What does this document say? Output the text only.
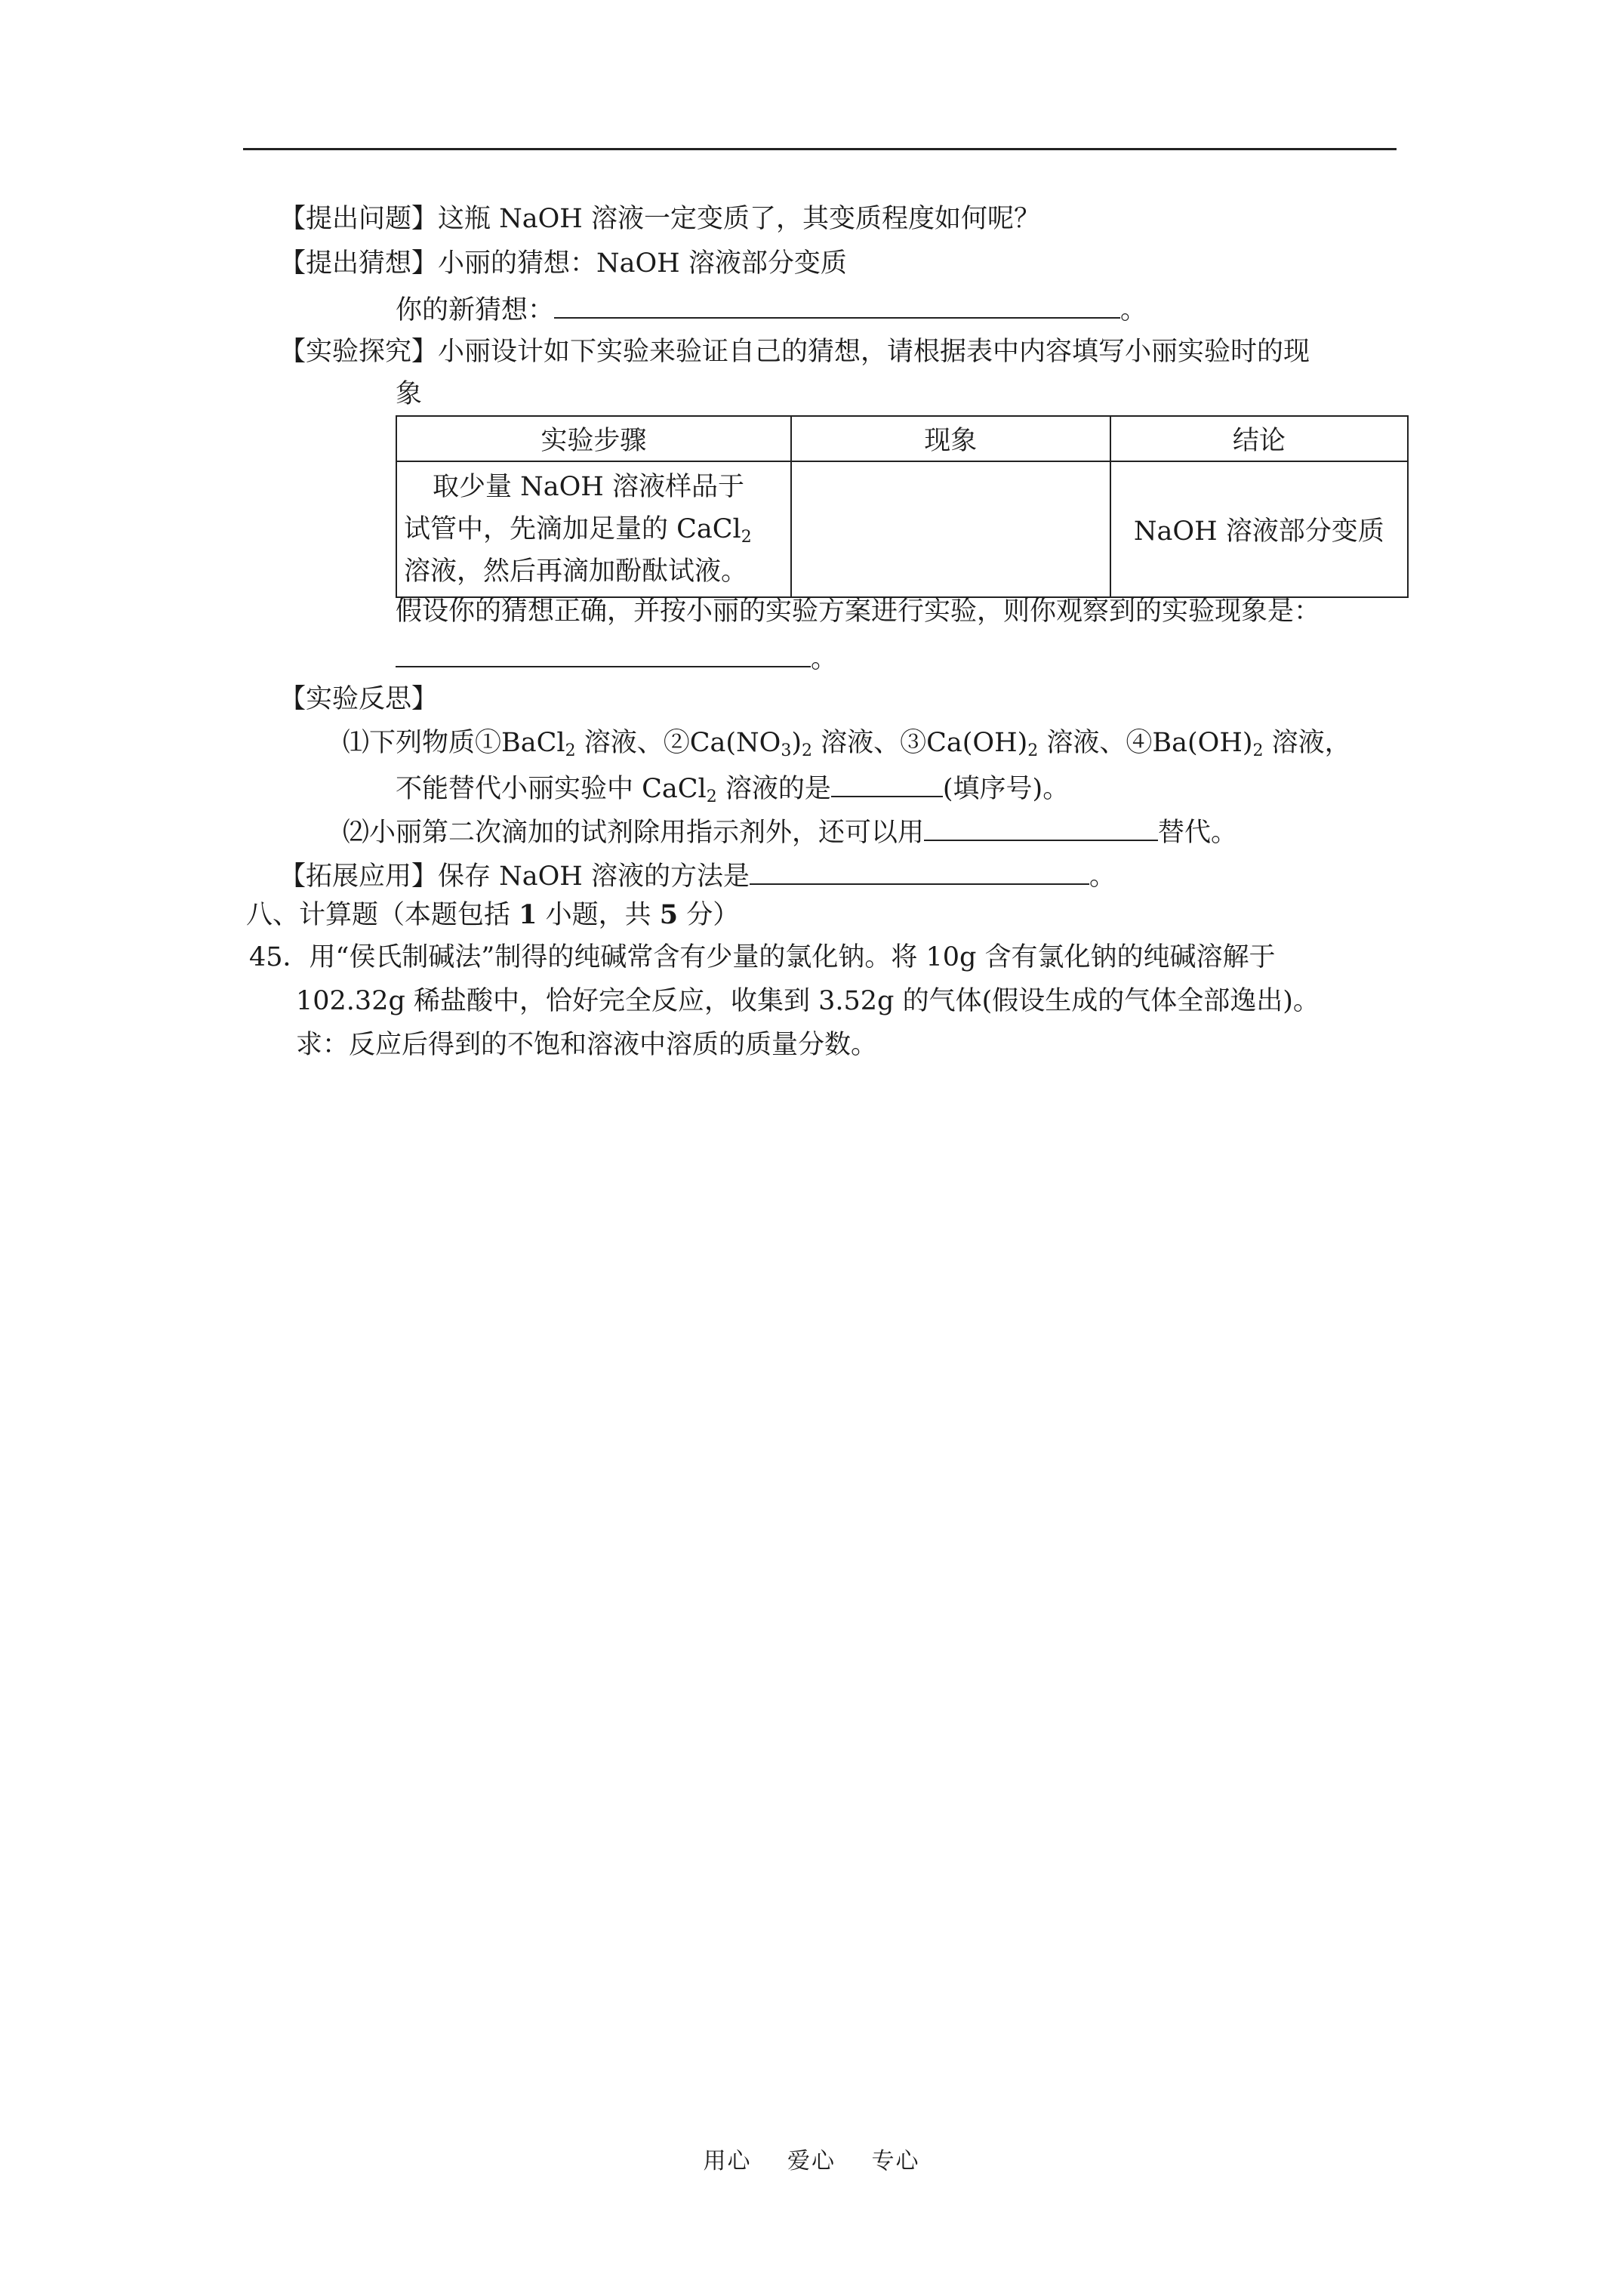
【提出问题】这瓶 NaOH 溶液一定变质了，其变质程度如何呢？
【提出猜想】小丽的猜想：NaOH 溶液部分变质
你的新猜想：	。
【实验探究】小丽设计如下实验来验证自己的猜想，请根据表中内容填写小丽实验时的现
象
实验步骤	现象	结论

取少量 NaOH 溶液样品于
试管中，先滴加足量的 CaCl$_2$
溶液，然后再滴加酚酞试液。		NaOH 溶液部分变质
假设你的猜想正确，并按小丽的实验方案进行实验，则你观察到的实验现象是：
。
【实验反思】
⑴下列物质①BaCl$_2$ 溶液、$②Ca(NO_3)_2$ 溶液、$③Ca(OH)_2$ 溶液、$④Ba(OH)_2$ 溶液，
不能替代小丽实验中 CaCl$_2$ 溶液的是	(填序号)。
⑵小丽第二次滴加的试剂除用指示剂外，还可以用	替代。
【拓展应用】保存 NaOH 溶液的方法是	。
八、计算题（本题包括 1 小题，共 5 分）
45．用“侯氏制碱法”制得的纯碱常含有少量的氯化钠。将 10g 含有氯化钠的纯碱溶解于
102.32g 稀盐酸中，恰好完全反应，收集到 3.52g 的气体(假设生成的气体全部逸出)。
求：反应后得到的不饱和溶液中溶质的质量分数。
用心 爱心 专心
